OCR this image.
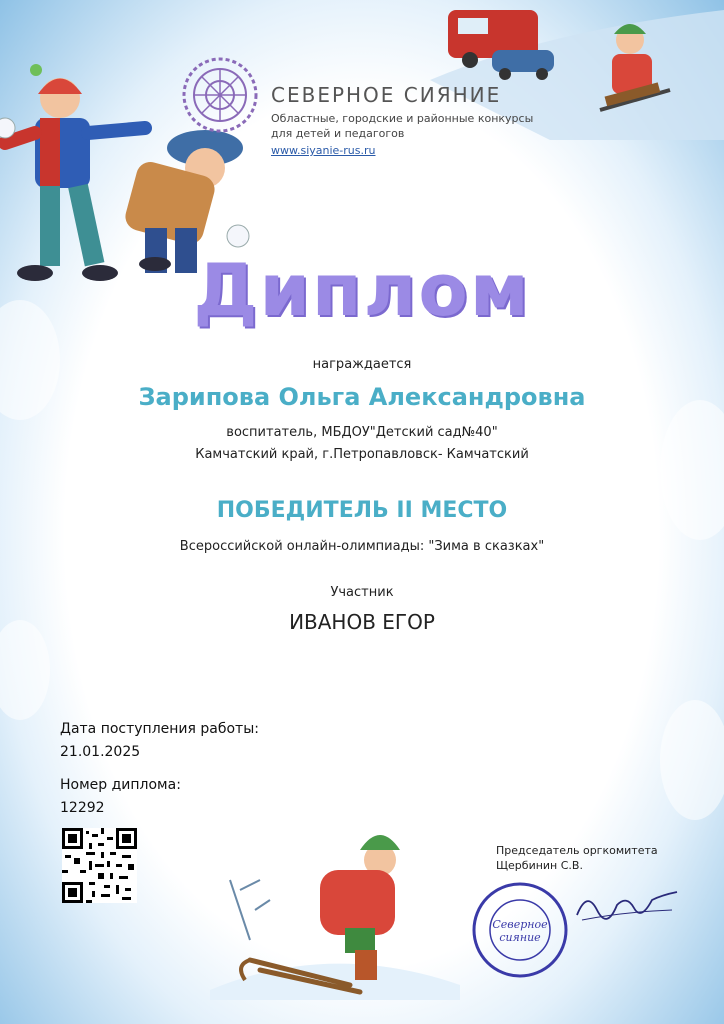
СЕВЕРНОЕ СИЯНИЕ
Областные, городские и районные конкурсы
для детей и педагогов
www.siyanie-rus.ru
Диплом
награждается
Зарипова Ольга Александровна
воспитатель, МБДОУ"Детский сад№40"
Камчатский край, г.Петропавловск- Камчатский
ПОБЕДИТЕЛЬ II МЕСТО
Всероссийской онлайн-олимпиады: "Зима в сказках"
Участник
ИВАНОВ ЕГОР
Дата поступления работы:
21.01.2025
Номер диплома:
12292
Председатель оргкомитета
Щербинин С.В.
Северное
сияние
